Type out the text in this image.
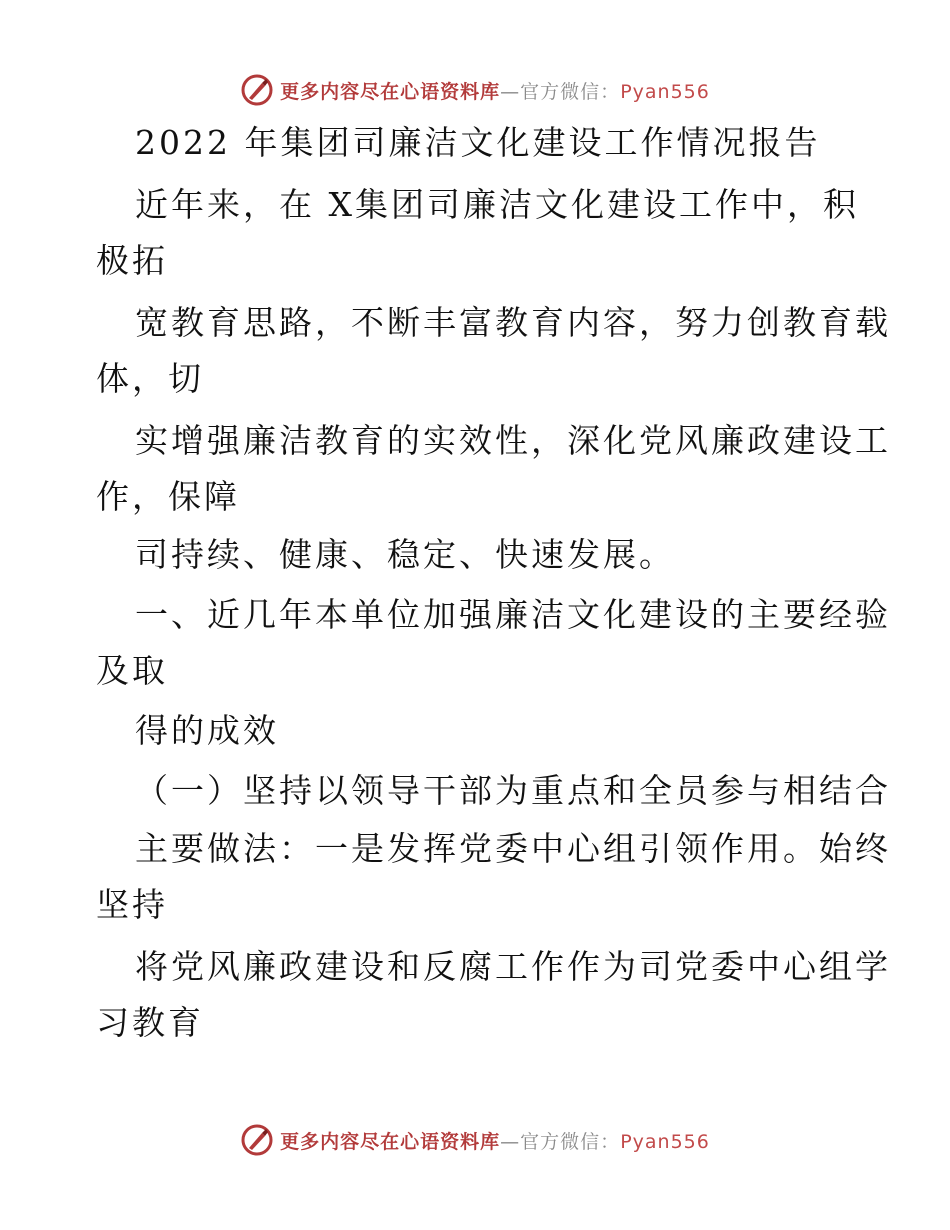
更多内容尽在心语资料库—官方微信：Pyan556
2022 年集团司廉洁文化建设工作情况报告
近年来，在 X集团司廉洁文化建设工作中，积
极拓
宽教育思路，不断丰富教育内容，努力创教育载
体，切
实增强廉洁教育的实效性，深化党风廉政建设工
作，保障
司持续、健康、稳定、快速发展。
一、近几年本单位加强廉洁文化建设的主要经验
及取
得的成效
（一）坚持以领导干部为重点和全员参与相结合
主要做法：一是发挥党委中心组引领作用。始终
坚持
将党风廉政建设和反腐工作作为司党委中心组学
习教育
更多内容尽在心语资料库—官方微信：Pyan556
